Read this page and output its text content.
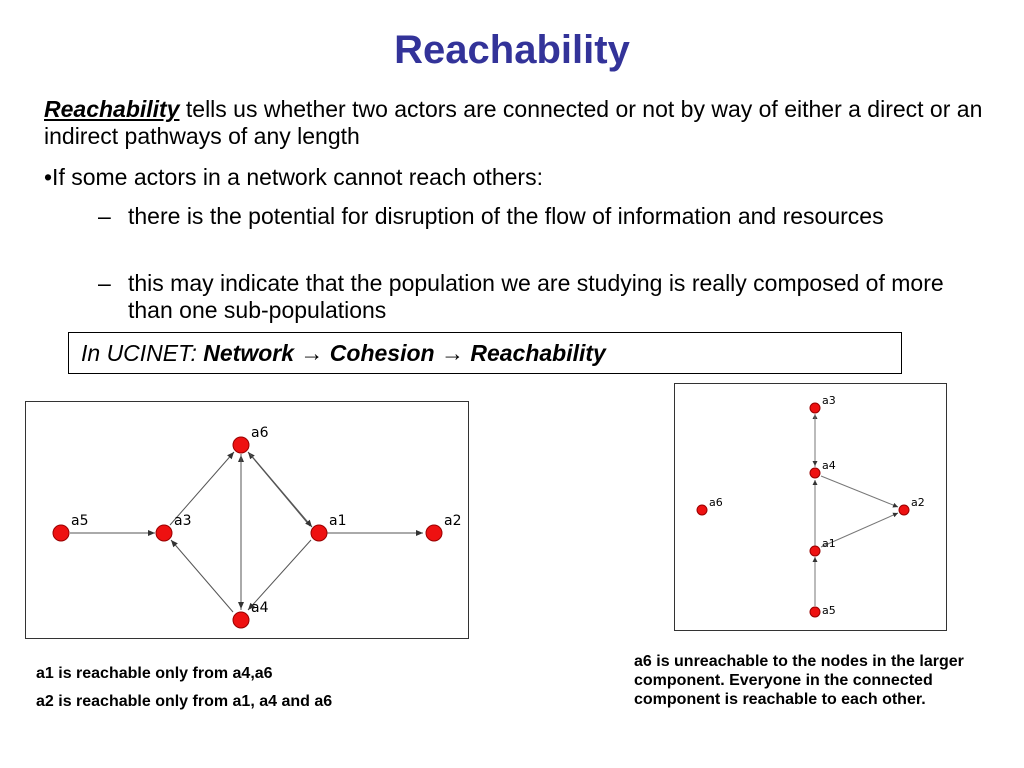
Reachability
Reachability tells us whether two actors are connected or not by way of either a direct or an indirect pathways of any length
•If some actors in a network cannot reach others:
– there is the potential for disruption of the flow of information and resources
– this may indicate that the population we are studying is really composed of more than one sub-populations
In UCINET: Network → Cohesion → Reachability
a6
a5	a3	a1	a2
a4
a3
a4
a6	a2
a1
a5
a1 is reachable only from a4,a6
a2 is reachable only from a1, a4 and a6
a6 is unreachable to the nodes in the larger component. Everyone in the connected component is reachable to each other.
